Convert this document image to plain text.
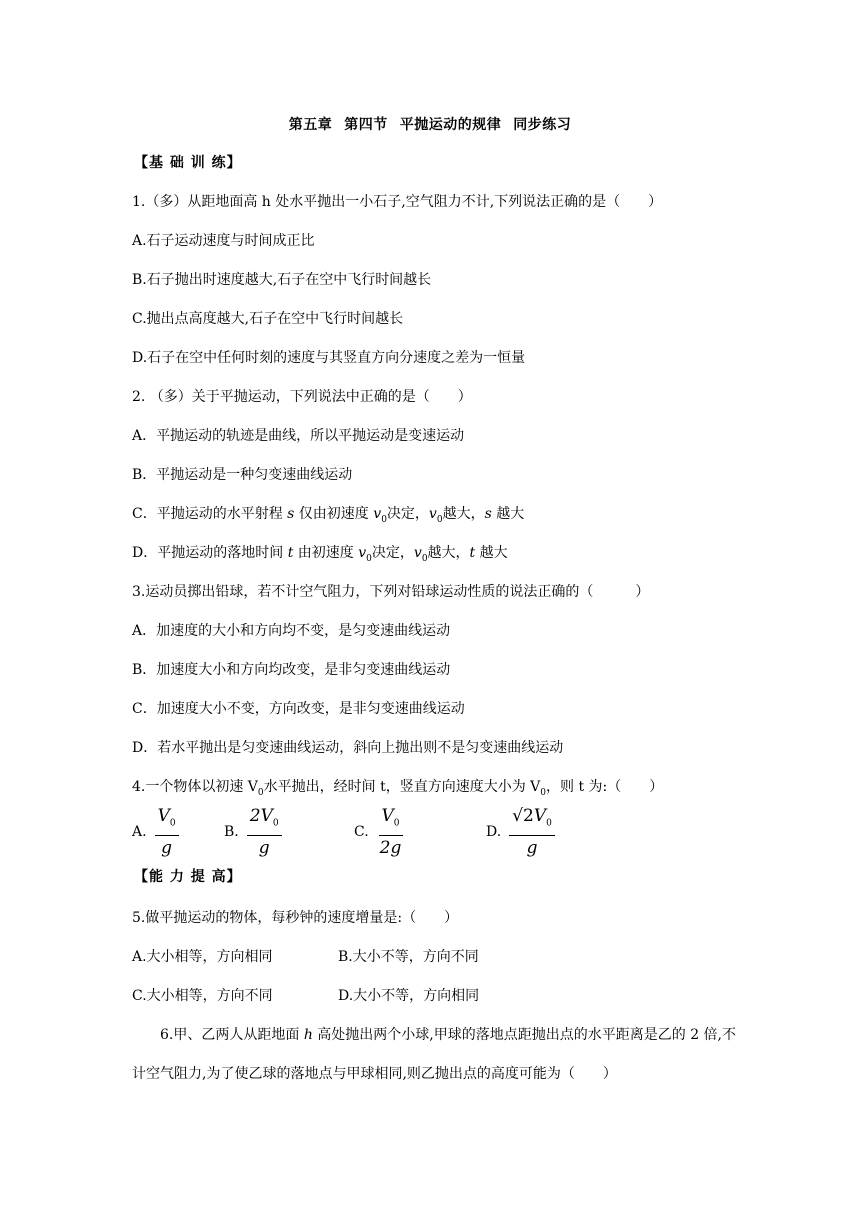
第五章 第四节 平抛运动的规律 同步练习
【基 础 训 练】
1.（多）从距地面高 h 处水平抛出一小石子,空气阻力不计,下列说法正确的是（　　）
A.石子运动速度与时间成正比
B.石子抛出时速度越大,石子在空中飞行时间越长
C.抛出点高度越大,石子在空中飞行时间越长
D.石子在空中任何时刻的速度与其竖直方向分速度之差为一恒量
2. （多）关于平抛运动，下列说法中正确的是（　　）
A．平抛运动的轨迹是曲线，所以平抛运动是变速运动
B．平抛运动是一种匀变速曲线运动
C．平抛运动的水平射程 s 仅由初速度 $v_0$决定，$v_0$越大，s 越大
D．平抛运动的落地时间 t 由初速度 $v_0$决定，$v_0$越大，t 越大
3.运动员掷出铅球，若不计空气阻力，下列对铅球运动性质的说法正确的（　　　）
A．加速度的大小和方向均不变，是匀变速曲线运动
B．加速度大小和方向均改变，是非匀变速曲线运动
C．加速度大小不变，方向改变，是非匀变速曲线运动
D．若水平抛出是匀变速曲线运动，斜向上抛出则不是匀变速曲线运动
4.一个物体以初速 $V_0$水平抛出，经时间 t，竖直方向速度大小为 $V_0$，则 t 为:（　　）
A. $\frac{V_0}{g}$	B. $\frac{2V_0}{g}$	C. $\frac{V_0}{2g}$	D. $\frac{√2V_0}{g}$
【能 力 提 高】
5.做平抛运动的物体，每秒钟的速度增量是:（　　）
A.大小相等，方向相同	B.大小不等，方向不同
C.大小相等，方向不同	D.大小不等，方向相同
6.甲、乙两人从距地面 h 高处抛出两个小球,甲球的落地点距抛出点的水平距离是乙的 2 倍,不
计空气阻力,为了使乙球的落地点与甲球相同,则乙抛出点的高度可能为（　　）
